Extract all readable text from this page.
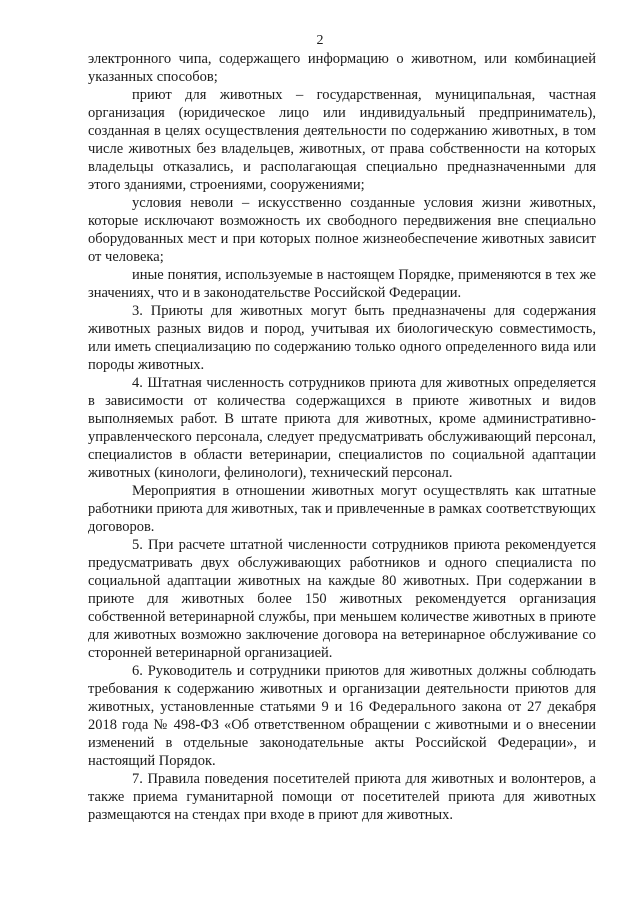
2

электронного чипа, содержащего информацию о животном, или комбинацией указанных способов;

приют для животных – государственная, муниципальная, частная организация (юридическое лицо или индивидуальный предприниматель), созданная в целях осуществления деятельности по содержанию животных, в том числе животных без владельцев, животных, от права собственности на которых владельцы отказались, и располагающая специально предназначенными для этого зданиями, строениями, сооружениями;

условия неволи – искусственно созданные условия жизни животных, которые исключают возможность их свободного передвижения вне специально оборудованных мест и при которых полное жизнеобеспечение животных зависит от человека;

иные понятия, используемые в настоящем Порядке, применяются в тех же значениях, что и в законодательстве Российской Федерации.

3. Приюты для животных могут быть предназначены для содержания животных разных видов и пород, учитывая их биологическую совместимость, или иметь специализацию по содержанию только одного определенного вида или породы животных.

4. Штатная численность сотрудников приюта для животных определяется в зависимости от количества содержащихся в приюте животных и видов выполняемых работ. В штате приюта для животных, кроме административно-управленческого персонала, следует предусматривать обслуживающий персонал, специалистов в области ветеринарии, специалистов по социальной адаптации животных (кинологи, фелинологи), технический персонал.

Мероприятия в отношении животных могут осуществлять как штатные работники приюта для животных, так и привлеченные в рамках соответствующих договоров.

5. При расчете штатной численности сотрудников приюта рекомендуется предусматривать двух обслуживающих работников и одного специалиста по социальной адаптации животных на каждые 80 животных. При содержании в приюте для животных более 150 животных рекомендуется организация собственной ветеринарной службы, при меньшем количестве животных в приюте для животных возможно заключение договора на ветеринарное обслуживание со сторонней ветеринарной организацией.

6. Руководитель и сотрудники приютов для животных должны соблюдать требования к содержанию животных и организации деятельности приютов для животных, установленные статьями 9 и 16 Федерального закона от 27 декабря 2018 года № 498-ФЗ «Об ответственном обращении с животными и о внесении изменений в отдельные законодательные акты Российской Федерации», и настоящий Порядок.

7. Правила поведения посетителей приюта для животных и волонтеров, а также приема гуманитарной помощи от посетителей приюта для животных размещаются на стендах при входе в приют для животных.
